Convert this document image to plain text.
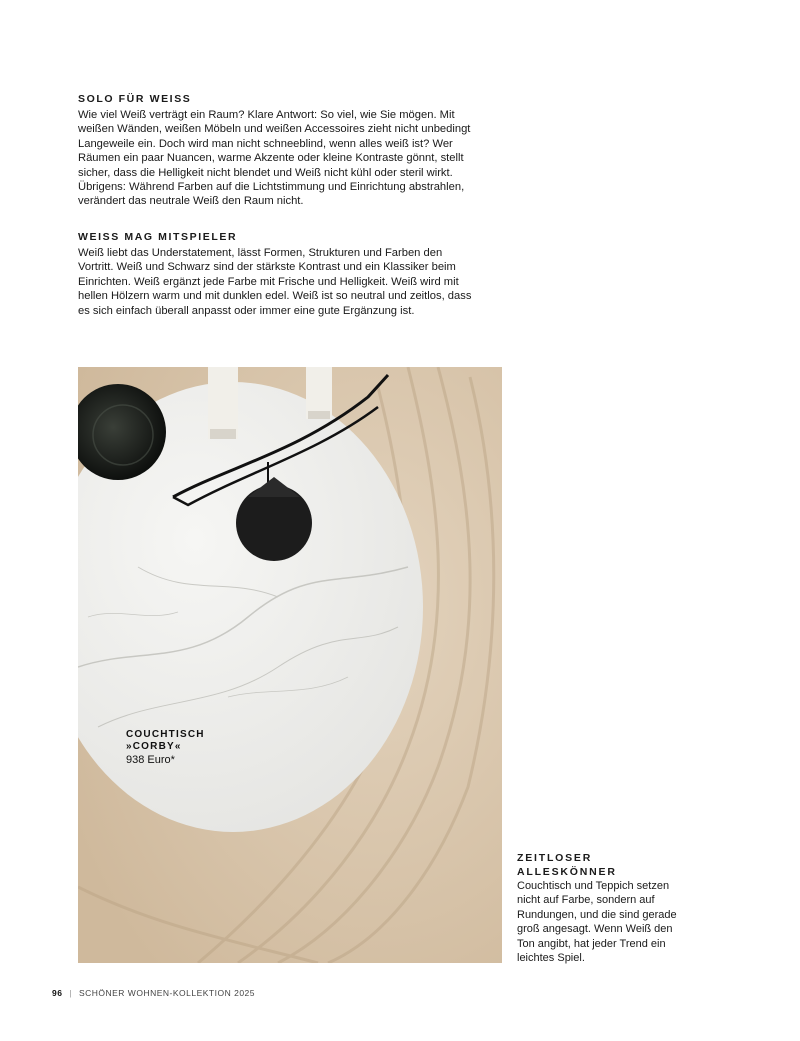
SOLO FÜR WEISS
Wie viel Weiß verträgt ein Raum? Klare Antwort: So viel, wie Sie mögen. Mit
weißen Wänden, weißen Möbeln und weißen Accessoires zieht nicht unbedingt
Langeweile ein. Doch wird man nicht schneeblind, wenn alles weiß ist? Wer
Räumen ein paar Nuancen, warme Akzente oder kleine Kontraste gönnt, stellt
sicher, dass die Helligkeit nicht blendet und Weiß nicht kühl oder steril wirkt.
Übrigens: Während Farben auf die Lichtstimmung und Einrichtung abstrahlen,
verändert das neutrale Weiß den Raum nicht.
WEISS MAG MITSPIELER
Weiß liebt das Understatement, lässt Formen, Strukturen und Farben den
Vortritt. Weiß und Schwarz sind der stärkste Kontrast und ein Klassiker beim
Einrichten. Weiß ergänzt jede Farbe mit Frische und Helligkeit. Weiß wird mit
hellen Hölzern warm und mit dunklen edel. Weiß ist so neutral und zeitlos, dass
es sich einfach überall anpasst oder immer eine gute Ergänzung ist.
COUCHTISCH
»CORBY«
938 Euro*
ZEITLOSER
ALLESKÖNNER
Couchtisch und Teppich setzen
nicht auf Farbe, sondern auf
Rundungen, und die sind gerade
groß angesagt. Wenn Weiß den
Ton angibt, hat jeder Trend ein
leichtes Spiel.
96 | SCHÖNER WOHNEN-KOLLEKTION 2025
